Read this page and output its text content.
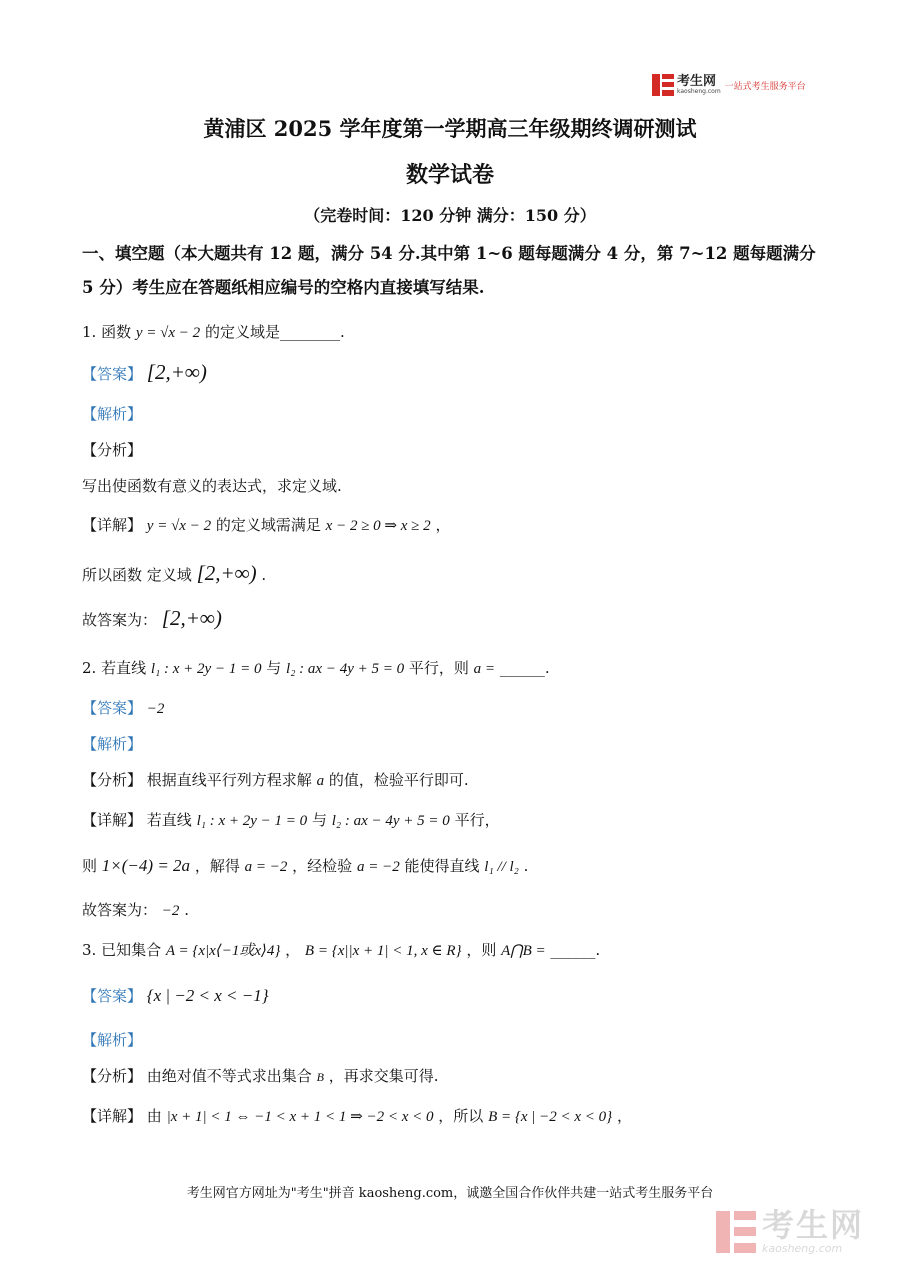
考生网
kaosheng.com 一站式考生服务平台
黄浦区 2025 学年度第一学期高三年级期终调研测试
数学试卷
（完卷时间：120 分钟 满分：150 分）
一、填空题（本大题共有 12 题，满分 54 分.其中第 1~6 题每题满分 4 分，第 7~12 题每题满分
5 分）考生应在答题纸相应编号的空格内直接填写结果.
1. 函数 y = √x − 2 的定义域是________.
【答案】 [2,+∞)
【解析】
【分析】
写出使函数有意义的表达式，求定义域.
【详解】 y = √x − 2 的定义域需满足 x − 2 ≥ 0 ⇒ x ≥ 2 ，
所以函数 定义域 [2,+∞) .
故答案为： [2,+∞)
2. 若直线 l₁ : x + 2y − 1 = 0 与 l₂ : ax − 4y + 5 = 0 平行，则 a = ______.
【答案】 −2
【解析】
【分析】 根据直线平行列方程求解 a 的值，检验平行即可.
【详解】 若直线 l₁ : x + 2y − 1 = 0 与 l₂ : ax − 4y + 5 = 0 平行，
则 1×(−4) = 2a ，解得 a = −2 ，经检验 a = −2 能使得直线 l₁ // l₂ .
故答案为： −2 .
3. 已知集合 A = {x|x⟨−1或x⟩4} ， B = {x||x + 1| < 1, x ∈ R} ，则 A⋂B = ______.
【答案】 {x | −2 < x < −1}
【解析】
【分析】 由绝对值不等式求出集合 B ，再求交集可得.
【详解】 由 |x + 1| < 1 ⇔ −1 < x + 1 < 1 ⇒ −2 < x < 0 ，所以 B = {x | −2 < x < 0} ，
考生网官方网址为"考生"拼音 kaosheng.com，诚邀全国合作伙伴共建一站式考生服务平台
考生网
kaosheng.com
